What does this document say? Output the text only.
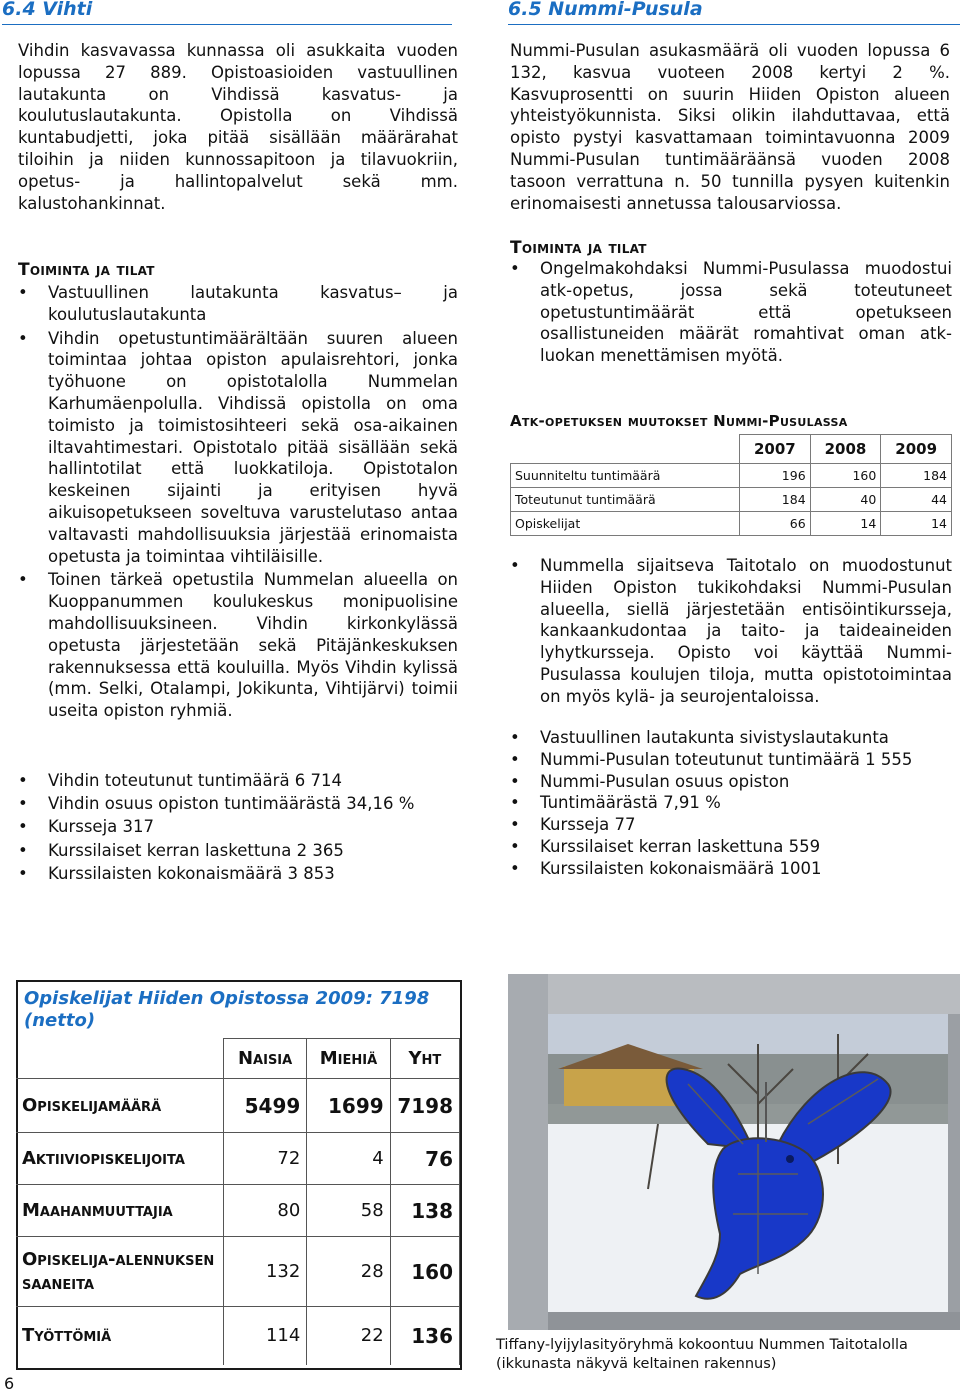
6.4 Vihti

Vihdin kasvavassa kunnassa oli asukkaita vuoden lopussa 27 889. Opistoasioiden vastuullinen lautakunta on Vihdissä kasvatus- ja koulutuslautakunta. Opistolla on Vihdissä kuntabudjetti, joka pitää sisällään määrärahat tiloihin ja niiden kunnossapitoon ja tilavuokriin, opetus- ja hallintopalvelut sekä mm. kalustohankinnat.

Toiminta ja tilat
• Vastuullinen lautakunta kasvatus– ja koulutuslautakunta
• Vihdin opetustuntimäärältään suuren alueen toimintaa johtaa opiston apulaisrehtori, jonka työhuone on opistotalolla Nummelan Karhumäenpolulla. Vihdissä opistolla on oma toimisto ja toimistosihteeri sekä osa-aikainen iltavahtimestari. Opistotalo pitää sisällään sekä hallintotilat että luokkatiloja. Opistotalon keskeinen sijainti ja erityisen hyvä aikuisopetukseen soveltuva varustelutaso antaa valtavasti mahdollisuuksia järjestää erinomaista opetusta ja toimintaa vihtiläisille.
• Toinen tärkeä opetustila Nummelan alueella on Kuoppanummen koulukeskus monipuolisine mahdollisuuksineen. Vihdin kirkonkylässä opetusta järjestetään sekä Pitäjänkeskuksen rakennuksessa että kouluilla. Myös Vihdin kylissä (mm. Selki, Otalampi, Jokikunta, Vihtijärvi) toimii useita opiston ryhmiä.
• Vihdin toteutunut tuntimäärä 6 714
• Vihdin osuus opiston tuntimäärästä 34,16 %
• Kursseja 317
• Kurssilaiset kerran laskettuna 2 365
• Kurssilaisten kokonaismäärä 3 853
6.5 Nummi-Pusula

Nummi-Pusulan asukasmäärä oli vuoden lopussa 6 132, kasvua vuoteen 2008 kertyi 2 %. Kasvuprosentti on suurin Hiiden Opiston alueen yhteistyökunnista. Siksi olikin ilahduttavaa, että opisto pystyi kasvattamaan toimintavuonna 2009 Nummi-Pusulan tuntimääräänsä vuoden 2008 tasoon verrattuna n. 50 tunnilla pysyen kuitenkin erinomaisesti annetussa talousarviossa.

Toiminta ja tilat
• Ongelmakohdaksi Nummi-Pusulassa muodostui atk-opetus, jossa sekä toteutuneet opetustuntimäärät että opetukseen osallistuneiden määrät romahtivat oman atk-luokan menettämisen myötä.
Atk-opetuksen muutokset Nummi-Pusulassa
	2007	2008	2009
Suunniteltu tuntimäärä	196	160	184
Toteutunut tuntimäärä	184	40	44
Opiskelijat	66	14	14
• Nummella sijaitseva Taitotalo on muodostunut Hiiden Opiston tukikohdaksi Nummi-Pusulan alueella, siellä järjestetään entisöintikursseja, kankaankudontaa ja taito- ja taideaineiden lyhytkursseja. Opisto voi käyttää Nummi-Pusulassa koulujen tiloja, mutta opistotoimintaa on myös kylä- ja seurojentaloissa.
• Vastuullinen lautakunta sivistyslautakunta
• Nummi-Pusulan toteutunut tuntimäärä 1 555
• Nummi-Pusulan osuus opiston
• Tuntimäärästä 7,91 %
• Kursseja 77
• Kurssilaiset kerran laskettuna 559
• Kurssilaisten kokonaismäärä 1001
Opiskelijat Hiiden Opistossa 2009: 7198 (netto)
	Naisia	Miehiä	Yht
Opiskelijamäärä	5499	1699	7198
Aktiiviopiskelijoita	72	4	76
Maahanmuuttajia	80	58	138
Opiskelija-alennuksen saaneita	132	28	160
Työttömiä	114	22	136
6
Tiffany-lyijylasityöryhmä kokoontuu Nummen Taitotalolla (ikkunasta näkyvä keltainen rakennus)
